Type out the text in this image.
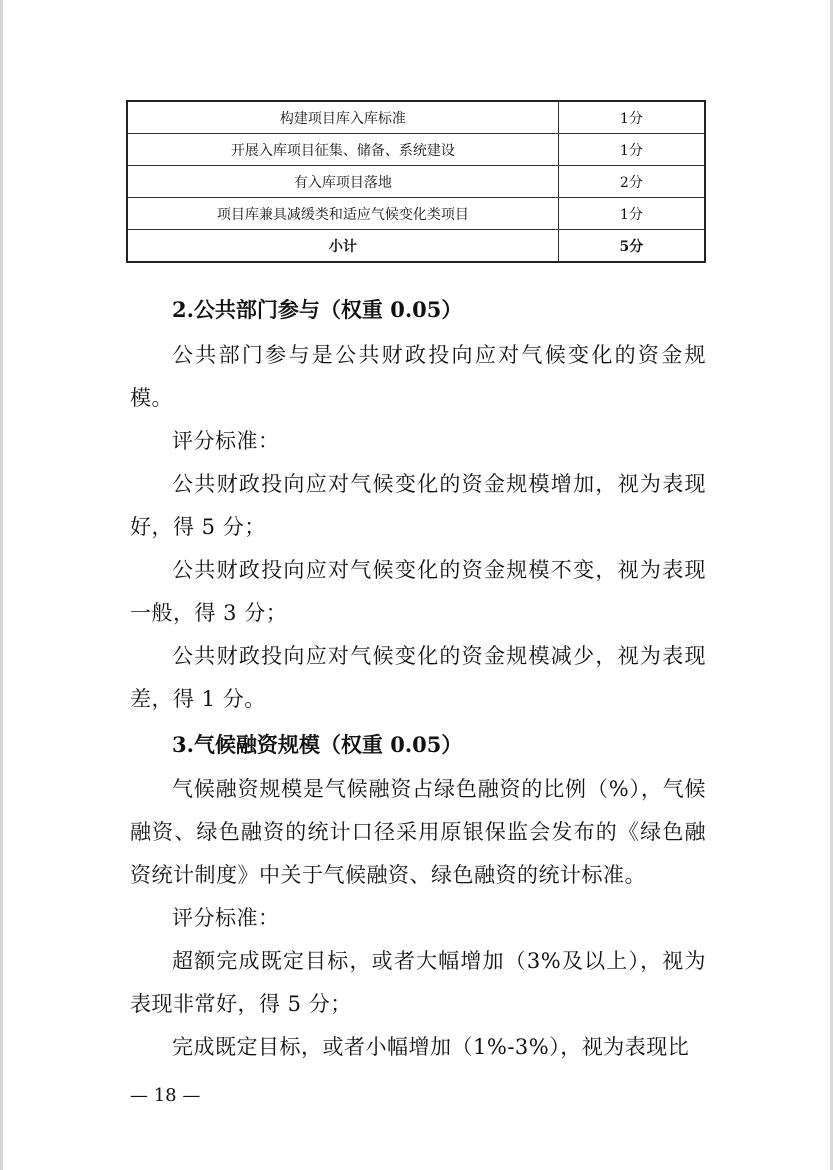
构建项目库入库标准	1分
开展入库项目征集、储备、系统建设	1分
有入库项目落地	2分
项目库兼具减缓类和适应气候变化类项目	1分
小计	5分
2.公共部门参与（权重 0.05）
公共部门参与是公共财政投向应对气候变化的资金规模。
评分标准：
公共财政投向应对气候变化的资金规模增加，视为表现好，得 5 分；
公共财政投向应对气候变化的资金规模不变，视为表现一般，得 3 分；
公共财政投向应对气候变化的资金规模减少，视为表现差，得 1 分。
3.气候融资规模（权重 0.05）
气候融资规模是气候融资占绿色融资的比例（%），气候融资、绿色融资的统计口径采用原银保监会发布的《绿色融资统计制度》中关于气候融资、绿色融资的统计标准。
评分标准：
超额完成既定目标，或者大幅增加（3%及以上），视为表现非常好，得 5 分；
完成既定目标，或者小幅增加（1%-3%），视为表现比
— 18 —
